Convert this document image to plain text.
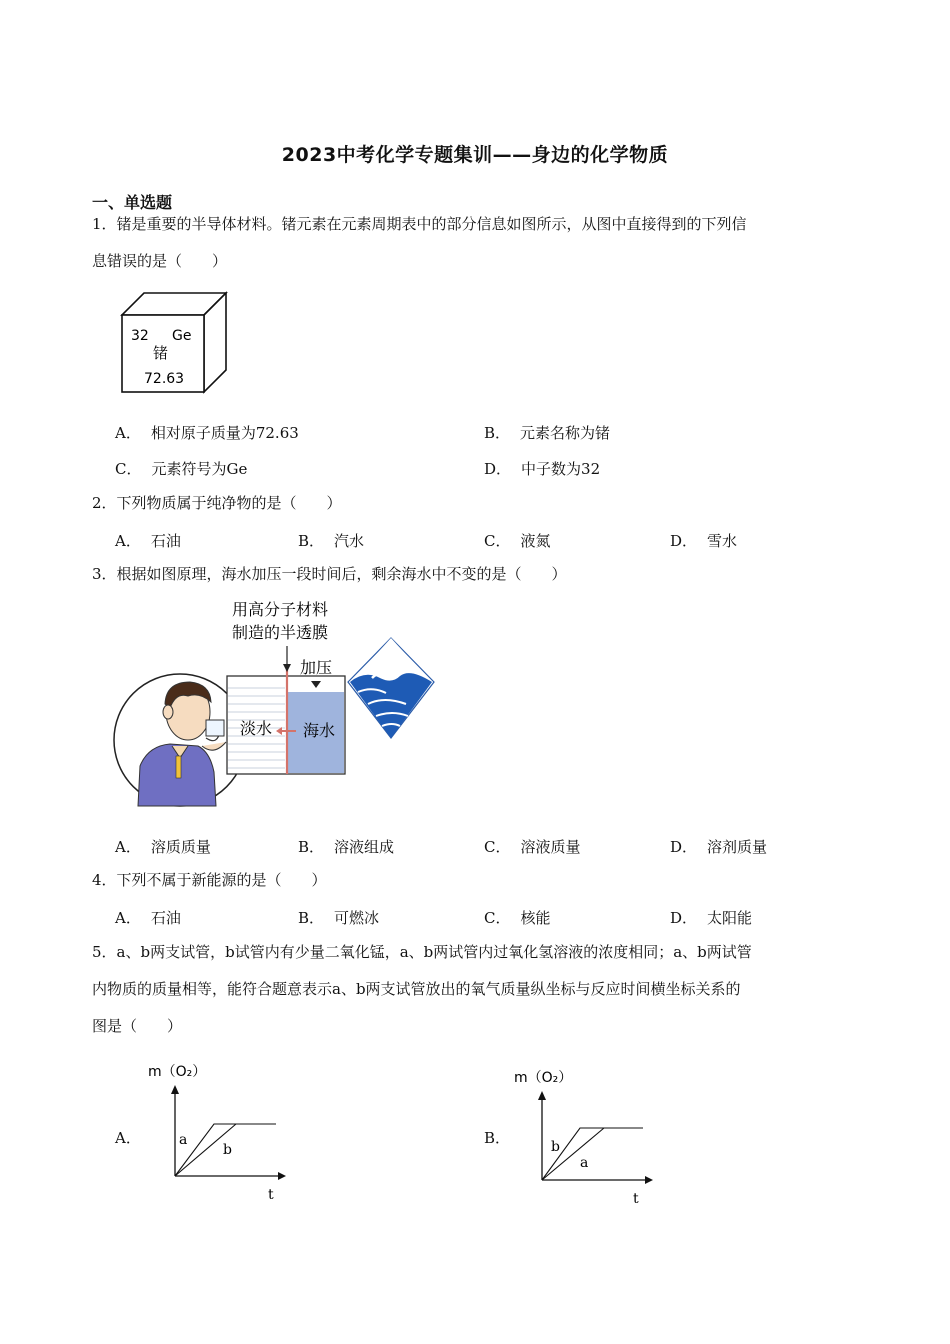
2023中考化学专题集训——身边的化学物质
一、单选题
1．锗是重要的半导体材料。锗元素在元素周期表中的部分信息如图所示，从图中直接得到的下列信
息错误的是（　　）
32 Ge
锗
72.63
A． 相对原子质量为72.63	B． 元素名称为锗
C． 元素符号为Ge	D． 中子数为32
2．下列物质属于纯净物的是（　　）
A． 石油	B． 汽水	C． 液氮	D． 雪水
3．根据如图原理，海水加压一段时间后，剩余海水中不变的是（　　）
用高分子材料
制造的半透膜
加压
淡水 海水
A． 溶质质量	B． 溶液组成	C． 溶液质量	D． 溶剂质量
4．下列不属于新能源的是（　　）
A． 石油	B． 可燃冰	C． 核能	D． 太阳能
5．a、b两支试管，b试管内有少量二氧化锰，a、b两试管内过氧化氢溶液的浓度相同；a、b两试管
内物质的质量相等，能符合题意表示a、b两支试管放出的氧气质量纵坐标与反应时间横坐标关系的
图是（　　）
A．
m（O₂）
t
a
b
B．
m（O₂）
t
b
a
